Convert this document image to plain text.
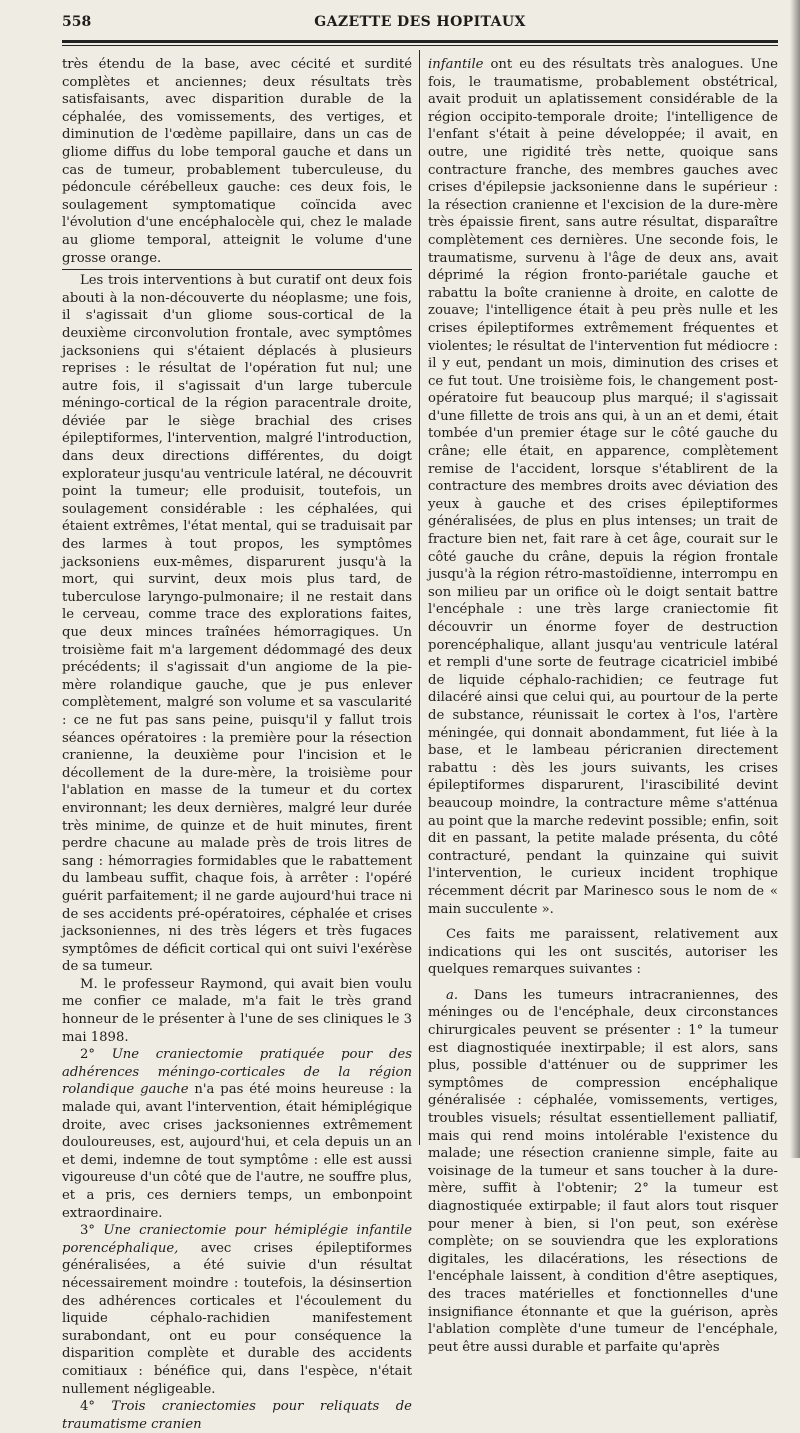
558	GAZETTE DES HOPITAUX

très étendu de la base, avec cécité et surdité complètes et anciennes; deux résultats très satisfaisants, avec disparition durable de la céphalée, des vomissements, des vertiges, et diminution de l'œdème papillaire, dans un cas de gliome diffus du lobe temporal gauche et dans un cas de tumeur, probablement tuberculeuse, du pédoncule cérébelleux gauche: ces deux fois, le soulagement symptomatique coïncida avec l'évolution d'une encéphalocèle qui, chez le malade au gliome temporal, atteignit le volume d'une grosse orange.

Les trois interventions à but curatif ont deux fois abouti à la non-découverte du néoplasme; une fois, il s'agissait d'un gliome sous-cortical de la deuxième circonvolution frontale, avec symptômes jacksoniens qui s'étaient déplacés à plusieurs reprises : le résultat de l'opération fut nul; une autre fois, il s'agissait d'un large tubercule méningo-cortical de la région paracentrale droite, déviée par le siège brachial des crises épileptiformes, l'intervention, malgré l'introduction, dans deux directions différentes, du doigt explorateur jusqu'au ventricule latéral, ne découvrit point la tumeur; elle produisit, toutefois, un soulagement considérable : les céphalées, qui étaient extrêmes, l'état mental, qui se traduisait par des larmes à tout propos, les symptômes jacksoniens eux-mêmes, disparurent jusqu'à la mort, qui survint, deux mois plus tard, de tuberculose laryngo-pulmonaire; il ne restait dans le cerveau, comme trace des explorations faites, que deux minces traînées hémorragiques. Un troisième fait m'a largement dédommagé des deux précédents; il s'agissait d'un angiome de la pie-mère rolandique gauche, que je pus enlever complètement, malgré son volume et sa vascularité : ce ne fut pas sans peine, puisqu'il y fallut trois séances opératoires : la première pour la résection cranienne, la deuxième pour l'incision et le décollement de la dure-mère, la troisième pour l'ablation en masse de la tumeur et du cortex environnant; les deux dernières, malgré leur durée très minime, de quinze et de huit minutes, firent perdre chacune au malade près de trois litres de sang : hémorragies formidables que le rabattement du lambeau suffit, chaque fois, à arrêter : l'opéré guérit parfaitement; il ne garde aujourd'hui trace ni de ses accidents pré-opératoires, céphalée et crises jacksoniennes, ni des très légers et très fugaces symptômes de déficit cortical qui ont suivi l'exérèse de sa tumeur.

M. le professeur Raymond, qui avait bien voulu me confier ce malade, m'a fait le très grand honneur de le présenter à l'une de ses cliniques le 3 mai 1898.

2° Une craniectomie pratiquée pour des adhérences méningo-corticales de la région rolandique gauche n'a pas été moins heureuse : la malade qui, avant l'intervention, était hémiplégique droite, avec crises jacksoniennes extrêmement douloureuses, est, aujourd'hui, et cela depuis un an et demi, indemne de tout symptôme : elle est aussi vigoureuse d'un côté que de l'autre, ne souffre plus, et a pris, ces derniers temps, un embonpoint extraordinaire.

3° Une craniectomie pour hémiplégie infantile porencéphalique, avec crises épileptiformes généralisées, a été suivie d'un résultat nécessairement moindre : toutefois, la désinsertion des adhérences corticales et l'écoulement du liquide céphalo-rachidien manifestement surabondant, ont eu pour conséquence la disparition complète et durable des accidents comitiaux : bénéfice qui, dans l'espèce, n'était nullement négligeable.

4° Trois craniectomies pour reliquats de traumatisme cranien

infantile ont eu des résultats très analogues. Une fois, le traumatisme, probablement obstétrical, avait produit un aplatissement considérable de la région occipito-temporale droite; l'intelligence de l'enfant s'était à peine développée; il avait, en outre, une rigidité très nette, quoique sans contracture franche, des membres gauches avec crises d'épilepsie jacksonienne dans le supérieur : la résection cranienne et l'excision de la dure-mère très épaissie firent, sans autre résultat, disparaître complètement ces dernières. Une seconde fois, le traumatisme, survenu à l'âge de deux ans, avait déprimé la région fronto-pariétale gauche et rabattu la boîte cranienne à droite, en calotte de zouave; l'intelligence était à peu près nulle et les crises épileptiformes extrêmement fréquentes et violentes; le résultat de l'intervention fut médiocre : il y eut, pendant un mois, diminution des crises et ce fut tout. Une troisième fois, le changement post-opératoire fut beaucoup plus marqué; il s'agissait d'une fillette de trois ans qui, à un an et demi, était tombée d'un premier étage sur le côté gauche du crâne; elle était, en apparence, complètement remise de l'accident, lorsque s'établirent de la contracture des membres droits avec déviation des yeux à gauche et des crises épileptiformes généralisées, de plus en plus intenses; un trait de fracture bien net, fait rare à cet âge, courait sur le côté gauche du crâne, depuis la région frontale jusqu'à la région rétro-mastoïdienne, interrompu en son milieu par un orifice où le doigt sentait battre l'encéphale : une très large craniectomie fit découvrir un énorme foyer de destruction porencéphalique, allant jusqu'au ventricule latéral et rempli d'une sorte de feutrage cicatriciel imbibé de liquide céphalo-rachidien; ce feutrage fut dilacéré ainsi que celui qui, au pourtour de la perte de substance, réunissait le cortex à l'os, l'artère méningée, qui donnait abondamment, fut liée à la base, et le lambeau péricranien directement rabattu : dès les jours suivants, les crises épileptiformes disparurent, l'irascibilité devint beaucoup moindre, la contracture même s'atténua au point que la marche redevint possible; enfin, soit dit en passant, la petite malade présenta, du côté contracturé, pendant la quinzaine qui suivit l'intervention, le curieux incident trophique récemment décrit par Marinesco sous le nom de « main succulente ».

Ces faits me paraissent, relativement aux indications qui les ont suscités, autoriser les quelques remarques suivantes :

a. Dans les tumeurs intracraniennes, des méninges ou de l'encéphale, deux circonstances chirurgicales peuvent se présenter : 1° la tumeur est diagnostiquée inextirpable; il est alors, sans plus, possible d'atténuer ou de supprimer les symptômes de compression encéphalique généralisée : céphalée, vomissements, vertiges, troubles visuels; résultat essentiellement palliatif, mais qui rend moins intolérable l'existence du malade; une résection cranienne simple, faite au voisinage de la tumeur et sans toucher à la dure-mère, suffit à l'obtenir; 2° la tumeur est diagnostiquée extirpable; il faut alors tout risquer pour mener à bien, si l'on peut, son exérèse complète; on se souviendra que les explorations digitales, les dilacérations, les résections de l'encéphale laissent, à condition d'être aseptiques, des traces matérielles et fonctionnelles d'une insignifiance étonnante et que la guérison, après l'ablation complète d'une tumeur de l'encéphale, peut être aussi durable et parfaite qu'après
